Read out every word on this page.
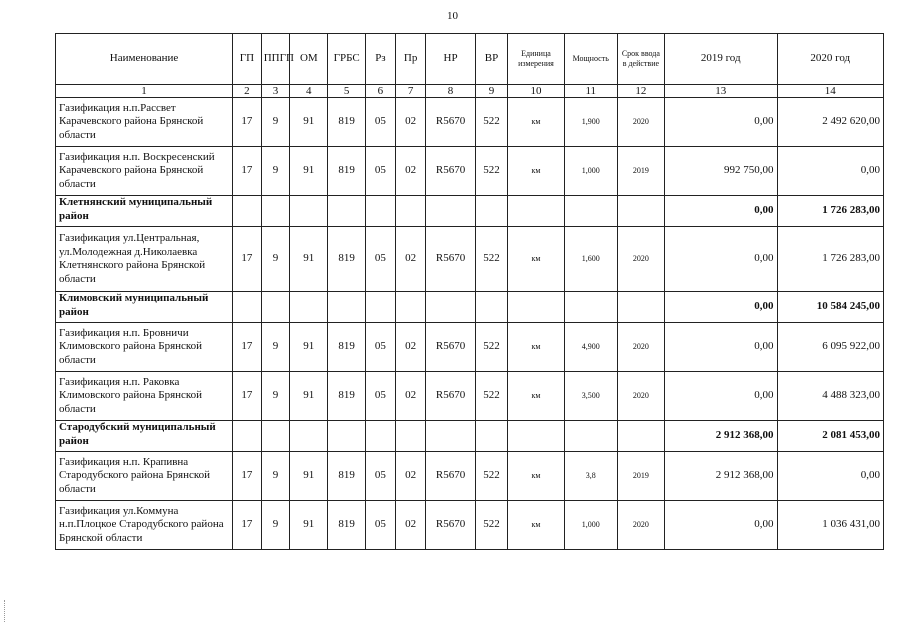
10
Наименование	ГП	ППГП	ОМ	ГРБС	Рз	Пр	НР	ВР	Единица измерения	Мощность	Срок ввода в действие	2019 год	2020 год
1	2	3	4	5	6	7	8	9	10	11	12	13	14
Газификация н.п.Рассвет Карачевского района Брянской области	17	9	91	819	05	02	R5670	522	км	1,900	2020	0,00	2 492 620,00
Газификация н.п. Воскресенский Карачевского района Брянской области	17	9	91	819	05	02	R5670	522	км	1,000	2019	992 750,00	0,00
Клетнянский муниципальный район												0,00	1 726 283,00
Газификация ул.Центральная, ул.Молодежная д.Николаевка Клетнянского района Брянской области	17	9	91	819	05	02	R5670	522	км	1,600	2020	0,00	1 726 283,00
Климовский муниципальный район												0,00	10 584 245,00
Газификация н.п. Бровничи Климовского района Брянской области	17	9	91	819	05	02	R5670	522	км	4,900	2020	0,00	6 095 922,00
Газификация н.п. Раковка Климовского района Брянской области	17	9	91	819	05	02	R5670	522	км	3,500	2020	0,00	4 488 323,00
Стародубский муниципальный район												2 912 368,00	2 081 453,00
Газификация н.п. Крапивна Стародубского района Брянской области	17	9	91	819	05	02	R5670	522	км	3,8	2019	2 912 368,00	0,00
Газификация ул.Коммуна н.п.Плоцкое Стародубского района Брянской области	17	9	91	819	05	02	R5670	522	км	1,000	2020	0,00	1 036 431,00
